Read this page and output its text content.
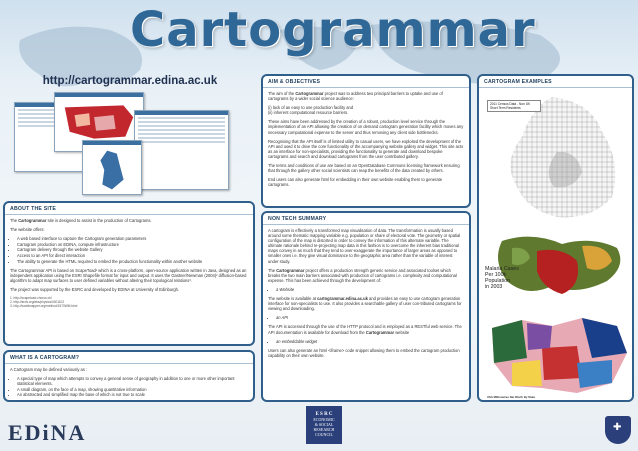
Cartogrammar
http://cartogrammar.edina.ac.uk
ABOUT THE SITE

The Cartogrammar site is designed to assist in the production of Cartograms.

The website offers:

• A web based interface to capture the Cartogram generation parameters
• Cartogram production on EDINA, compute infrastructure
• Cartogram delivery through the website Gallery
• Access to an API for direct interaction
• The ability to generate the HTML required to embed the production functionality within another website

The Cartogrammar API is based on ScapeToad¹ which is a cross-platform, open-source application written in Java, designed as an independent application using the ESRI Shapefile format for input and output. It uses the Gastner/Newman (2004)² diffusion-based algorithm to adapt map surfaces to user defined variables without altering their topological relations³.

The project was supported by the ESRC and developed by EDINA at University of Edinburgh.

1. http://scapetoad.choros.ch/
2. http://arxiv.org/abs/physics/0401102
3. http://worldmapper.org/method/1570WM.html
WHAT IS A CARTOGRAM?

A Cartogram may be defined variously as :

• A special type of map which attempts to convey a general sense of geography in addition to one or more other important statistical elements.
• A small diagram, on the face of a map, showing quantitative information
• An abstracted and simplified map the base of which is not true to scale
AIM & OBJECTIVES

The aim of the Cartogrammar project was to address two principal barriers to uptake and use of cartograms by a wider social science audience:

(i) lack of an easy to use production facility and
(ii) inherent computational resource barriers.

These aims have been addressed by the creation of a robust, production level service through the implementation of an API allowing the creation of on demand cartogram generation facility which moves any necessary computational expense to the server and thus removing any client side bottlenecks.

Recognising that the API itself is of limited utility to casual users, we have exploited the development of the API and used it to drive the core functionality of the accompanying website gallery and widget. This site acts as an interface for non-specialists, providing the functionality to generate and download bespoke cartograms and search and download cartograms from the user contributed gallery.

The terms and conditions of use are based on an OpenDatabase Commons licensing framework ensuring that through the gallery other social scientists can reap the benefits of the data created by others.

End users can also generate html for embedding in their own website enabling them to generate cartograms.

NON TECH SUMMARY

A cartogram is effectively a transformed map visualisation of data. The transformation is usually based around some thematic mapping variable e.g. population or share of electoral vote. The geometry or spatial configuration of the map is distorted in order to convey the information of this alternate variable. The ultimate rationale behind re-projecting map data in this fashion is to overcome the inherent bias traditional maps convey in as much that they tend to over-exaggerate the importance of larger areas as opposed to smaller ones i.e. they give visual dominance to the geographic area rather than the variable of interest under study.

The Cartogrammar project offers a production strength generic service and associated toolset which breaks the two main barriers associated with production of cartograms i.e. complexity and computational expense. This has been achieved through the development of:

• a Website

The website is available at cartogrammar.edina.ac.uk and provides an easy to use cartogram generation interface for non-specialists to use. It also provides a searchable gallery of user con-tributed cartograms for viewing and downloading.

• an API

The API is accessed through the use of the HTTP protocol and is employed as a RESTful web service. The API documentation is available for download from the Cartogrammar website

• an embeddable widget

Users can also generate an html <iframe> code snippet allowing them to embed the cartogram production capability on their own website.

CARTOGRAM EXAMPLES
2011 Census Data - Non UK Short Term Residents
Malaria Cases
Per 100k
Population
in 2003
USA Millionaires Net Worth By State
EDiNA
E S R C
ECONOMIC
& SOCIAL
RESEARCH
COUNCIL
✚
